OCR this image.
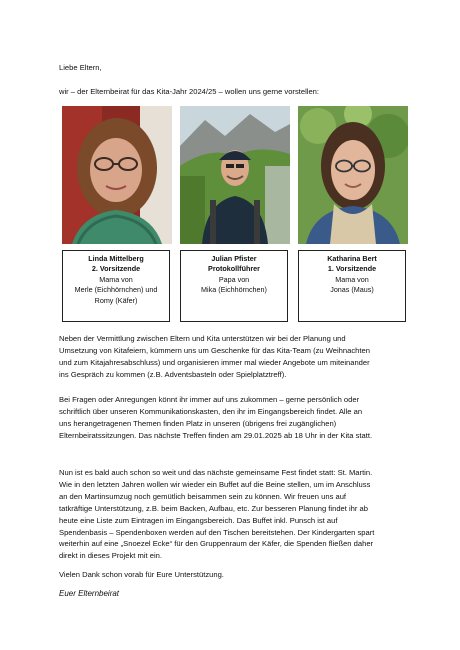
Liebe Eltern,
wir – der Elternbeirat für das Kita-Jahr 2024/25 – wollen uns gerne vorstellen:
Linda Mittelberg
2. Vorsitzende
Mama von
Merle (Eichhörnchen) und
Romy (Käfer)
Julian Pfister
Protokollführer
Papa von
Mika (Eichhörnchen)
Katharina Bert
1. Vorsitzende
Mama von
Jonas (Maus)
Neben der Vermittlung zwischen Eltern und Kita unterstützen wir bei der Planung und
Umsetzung von Kitafeiern, kümmern uns um Geschenke für das Kita-Team (zu Weihnachten
und zum Kitajahresabschluss) und organisieren immer mal wieder Angebote um miteinander
ins Gespräch zu kommen (z.B. Adventsbasteln oder Spielplatztreff).
Bei Fragen oder Anregungen könnt ihr immer auf uns zukommen – gerne persönlich oder
schriftlich über unseren Kommunikationskasten, den ihr im Eingangsbereich findet. Alle an
uns herangetragenen Themen finden Platz in unseren (übrigens frei zugänglichen)
Elternbeiratssitzungen. Das nächste Treffen finden am 29.01.2025 ab 18 Uhr in der Kita statt.
Nun ist es bald auch schon so weit und das nächste gemeinsame Fest findet statt: St. Martin.
Wie in den letzten Jahren wollen wir wieder ein Buffet auf die Beine stellen, um im Anschluss
an den Martinsumzug noch gemütlich beisammen sein zu können. Wir freuen uns auf
tatkräftige Unterstützung, z.B. beim Backen, Aufbau, etc. Zur besseren Planung findet ihr ab
heute eine Liste zum Eintragen im Eingangsbereich. Das Buffet inkl. Punsch ist auf
Spendenbasis – Spendenboxen werden auf den Tischen bereitstehen. Der Kindergarten spart
weiterhin auf eine „Snoezel Ecke“ für den Gruppenraum der Käfer, die Spenden fließen daher
direkt in dieses Projekt mit ein.
Vielen Dank schon vorab für Eure Unterstützung.
Euer Elternbeirat
